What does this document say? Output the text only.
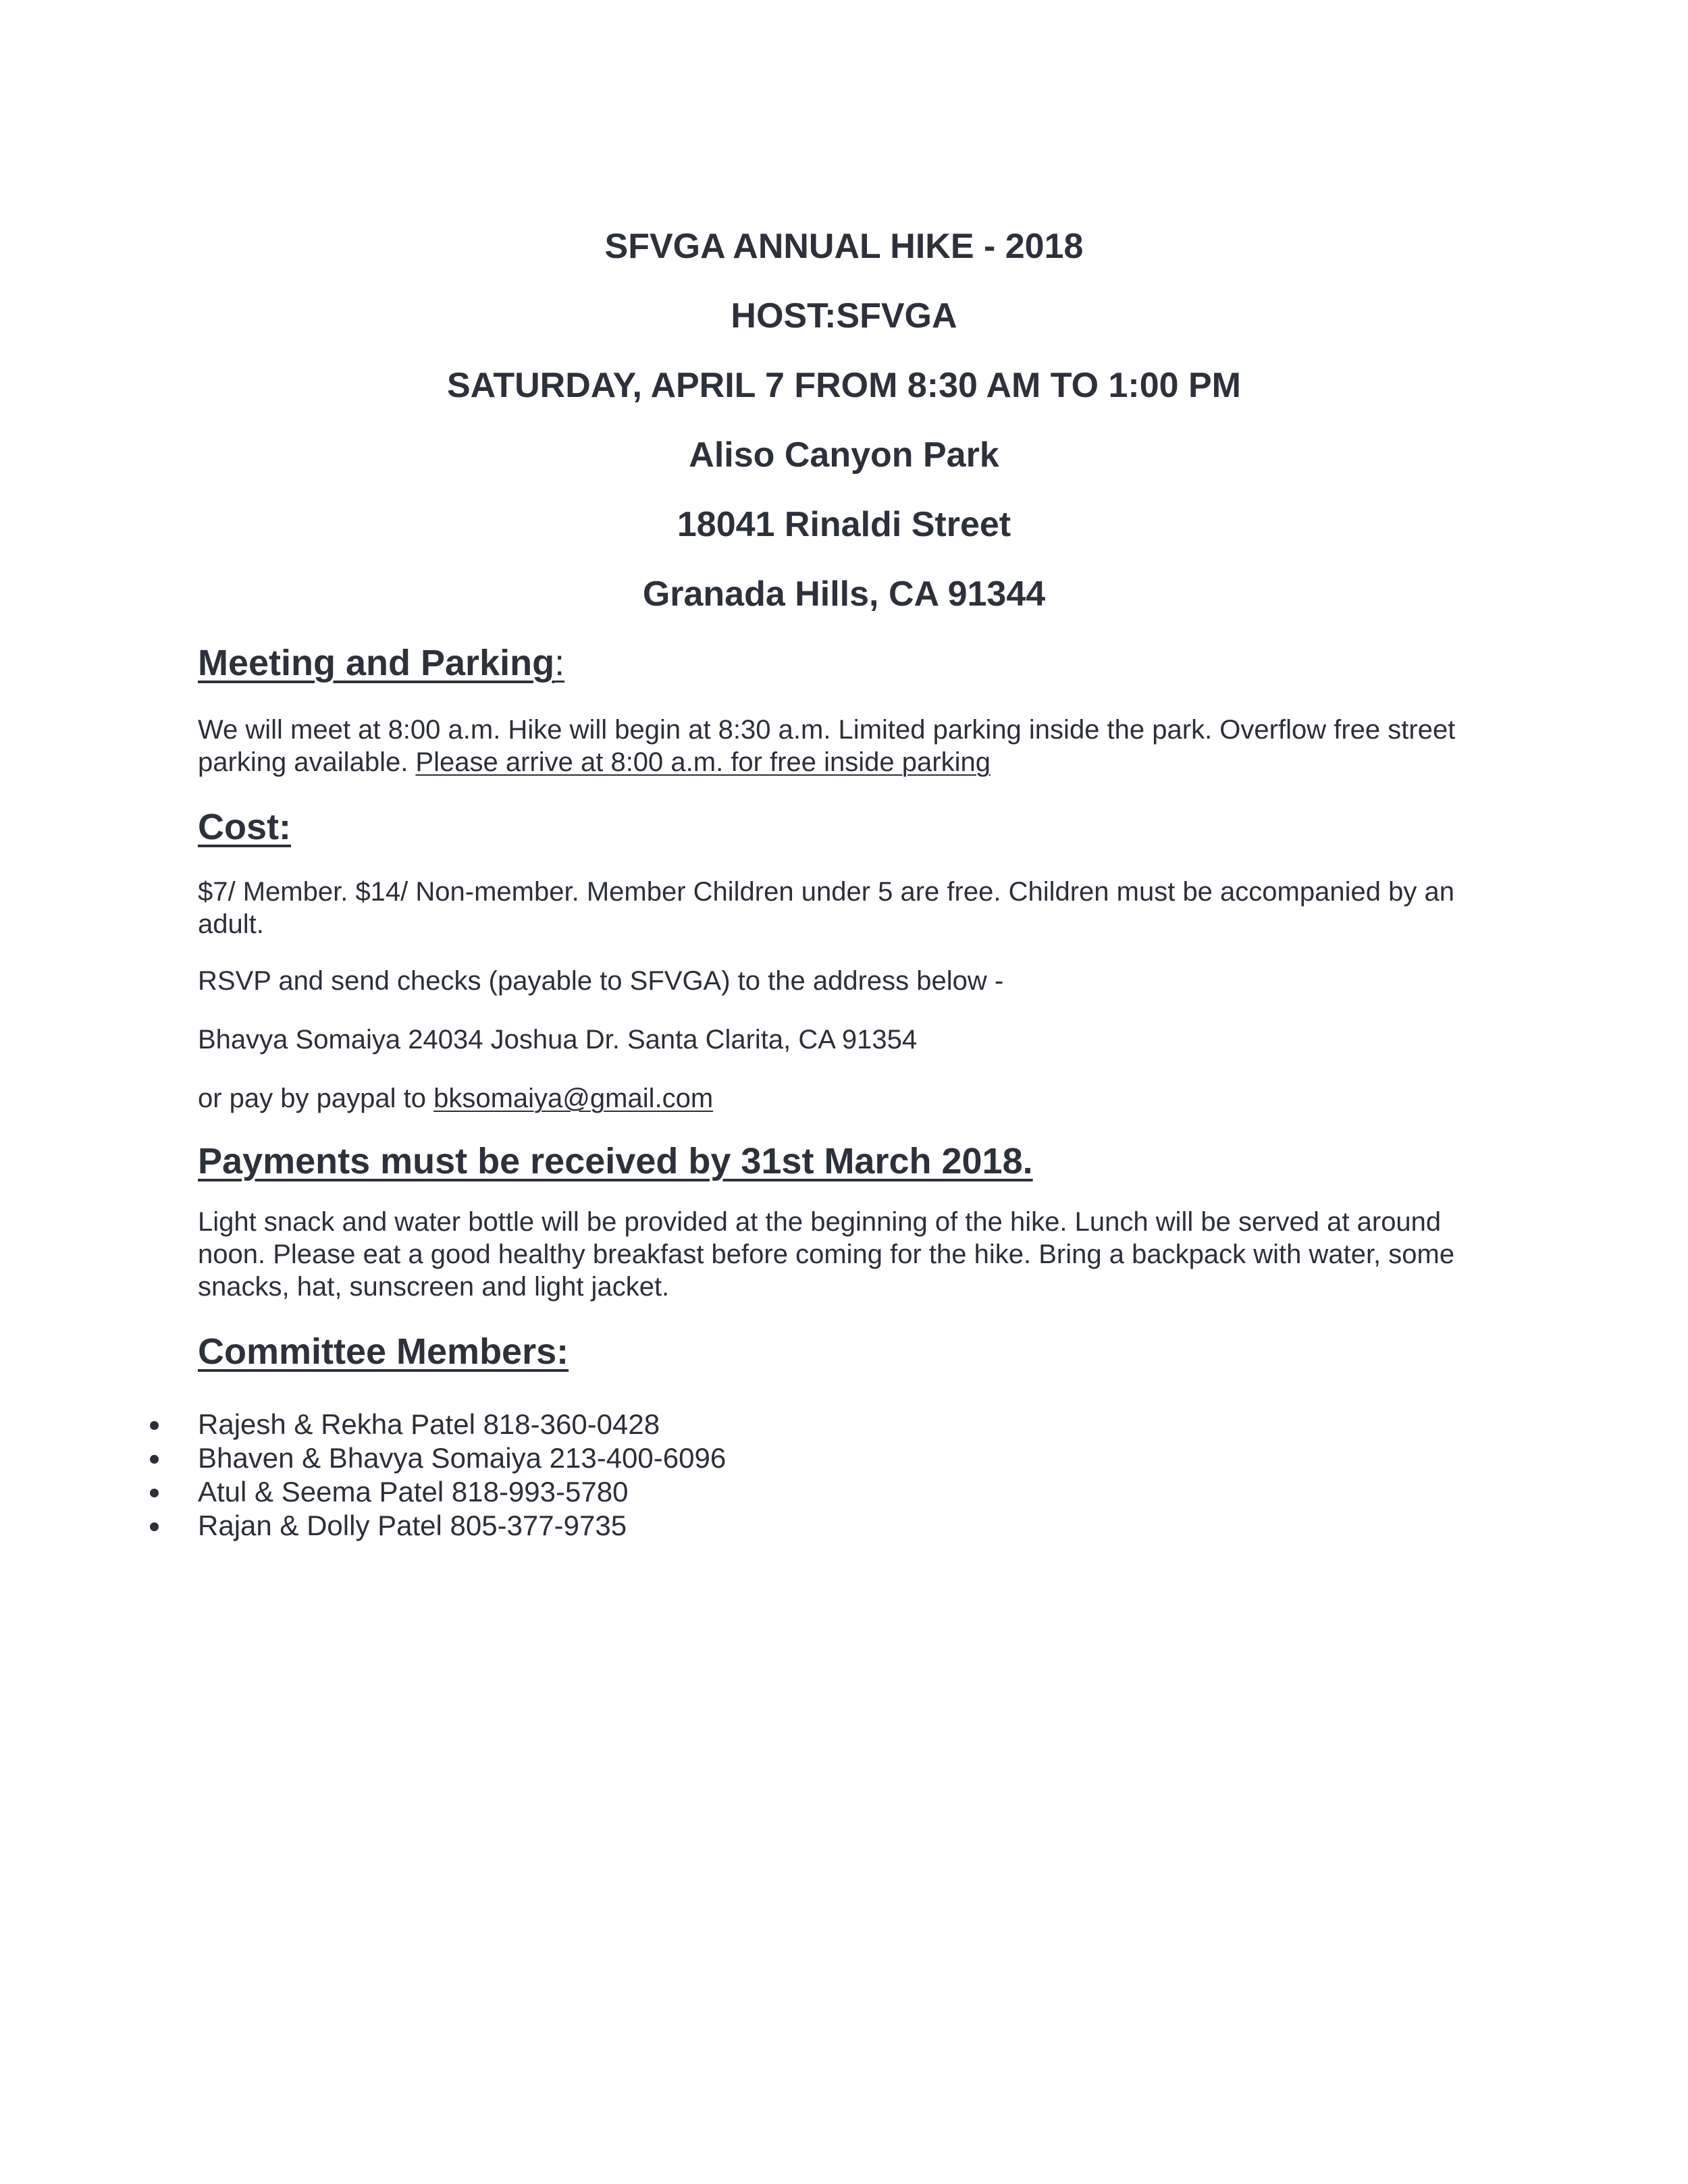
SFVGA ANNUAL HIKE - 2018
HOST:SFVGA
SATURDAY, APRIL 7 FROM 8:30 AM TO 1:00 PM
Aliso Canyon Park
18041 Rinaldi Street
Granada Hills, CA 91344
Meeting and Parking:
We will meet at 8:00 a.m. Hike will begin at 8:30 a.m. Limited parking inside the park. Overflow free street parking available. Please arrive at 8:00 a.m. for free inside parking
Cost:
$7/ Member. $14/ Non-member. Member Children under 5 are free. Children must be accompanied by an adult.
RSVP and send checks (payable to SFVGA) to the address below -
Bhavya Somaiya 24034 Joshua Dr. Santa Clarita, CA 91354
or pay by paypal to bksomaiya@gmail.com
Payments must be received by 31st March 2018.
Light snack and water bottle will be provided at the beginning of the hike. Lunch will be served at around noon. Please eat a good healthy breakfast before coming for the hike. Bring a backpack with water, some snacks, hat, sunscreen and light jacket.
Committee Members:
Rajesh & Rekha Patel 818-360-0428
Bhaven & Bhavya Somaiya 213-400-6096
Atul & Seema Patel 818-993-5780
Rajan & Dolly Patel 805-377-9735
